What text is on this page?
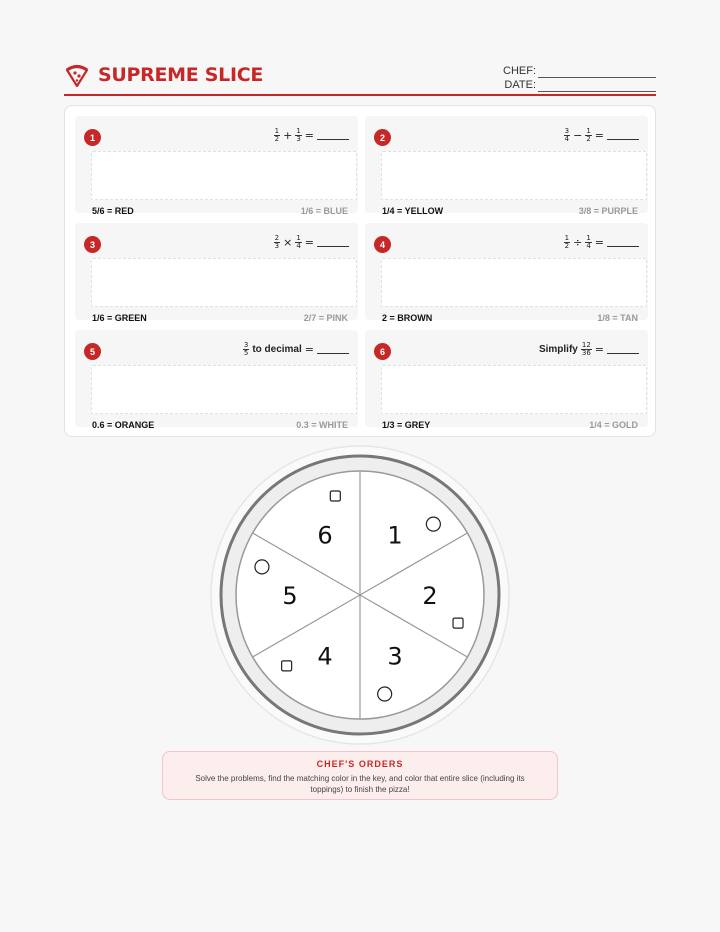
SUPREME SLICE	CHEF:
DATE:
1	$\frac{1}{2} + \frac{1}{3}$ =
5/6 = RED	1/6 = BLUE
2	$\frac{3}{4} - \frac{1}{2}$ =
1/4 = YELLOW	3/8 = PURPLE
3	$\frac{2}{3} \times \frac{1}{4}$ =
1/6 = GREEN	2/7 = PINK
4	$\frac{1}{2} \div \frac{1}{4}$ =
2 = BROWN	1/8 = TAN
5	$\frac{3}{5}$ to decimal =
0.6 = ORANGE	0.3 = WHITE
6	Simplify $\frac{12}{36}$ =
1/3 = GREY	1/4 = GOLD
1
2
3
4
5
6
CHEF'S ORDERS
Solve the problems, find the matching color in the key, and color that entire slice (including its toppings) to finish the pizza!
